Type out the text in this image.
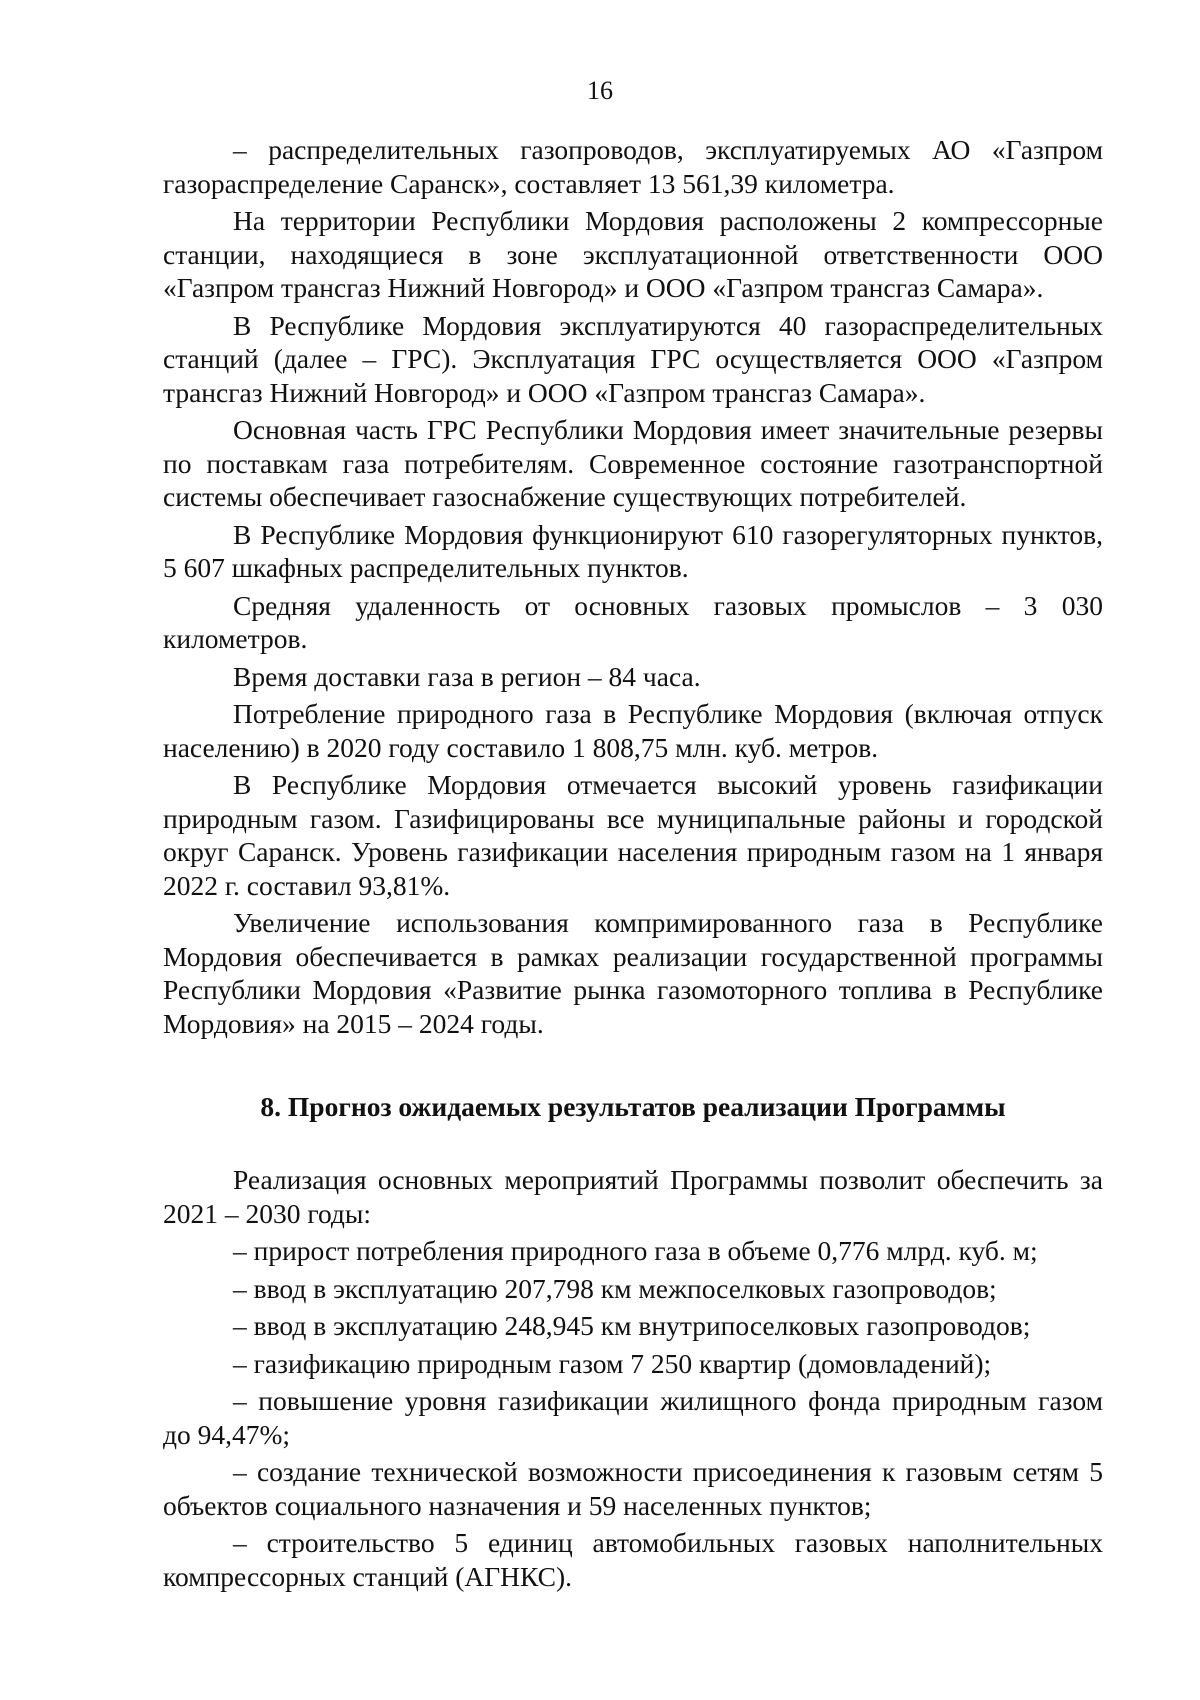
16

– распределительных газопроводов, эксплуатируемых АО «Газпром газораспределение Саранск», составляет 13 561,39 километра.

На территории Республики Мордовия расположены 2 компрессорные станции, находящиеся в зоне эксплуатационной ответственности ООО «Газпром трансгаз Нижний Новгород» и ООО «Газпром трансгаз Самара».

В Республике Мордовия эксплуатируются 40 газораспределительных станций (далее – ГРС). Эксплуатация ГРС осуществляется ООО «Газпром трансгаз Нижний Новгород» и ООО «Газпром трансгаз Самара».

Основная часть ГРС Республики Мордовия имеет значительные резервы по поставкам газа потребителям. Современное состояние газотранспортной системы обеспечивает газоснабжение существующих потребителей.

В Республике Мордовия функционируют 610 газорегуляторных пунктов, 5 607 шкафных распределительных пунктов.

Средняя удаленность от основных газовых промыслов – 3 030 километров.

Время доставки газа в регион – 84 часа.

Потребление природного газа в Республике Мордовия (включая отпуск населению) в 2020 году составило 1 808,75 млн. куб. метров.

В Республике Мордовия отмечается высокий уровень газификации природным газом. Газифицированы все муниципальные районы и городской округ Саранск. Уровень газификации населения природным газом на 1 января 2022 г. составил 93,81%.

Увеличение использования компримированного газа в Республике Мордовия обеспечивается в рамках реализации государственной программы Республики Мордовия «Развитие рынка газомоторного топлива в Республике Мордовия» на 2015 – 2024 годы.

8. Прогноз ожидаемых результатов реализации Программы

Реализация основных мероприятий Программы позволит обеспечить за 2021 – 2030 годы:

– прирост потребления природного газа в объеме 0,776 млрд. куб. м;

– ввод в эксплуатацию 207,798 км межпоселковых газопроводов;

– ввод в эксплуатацию 248,945 км внутрипоселковых газопроводов;

– газификацию природным газом 7 250 квартир (домовладений);

– повышение уровня газификации жилищного фонда природным газом до 94,47%;

– создание технической возможности присоединения к газовым сетям 5 объектов социального назначения и 59 населенных пунктов;

– строительство 5 единиц автомобильных газовых наполнительных компрессорных станций (АГНКС).
